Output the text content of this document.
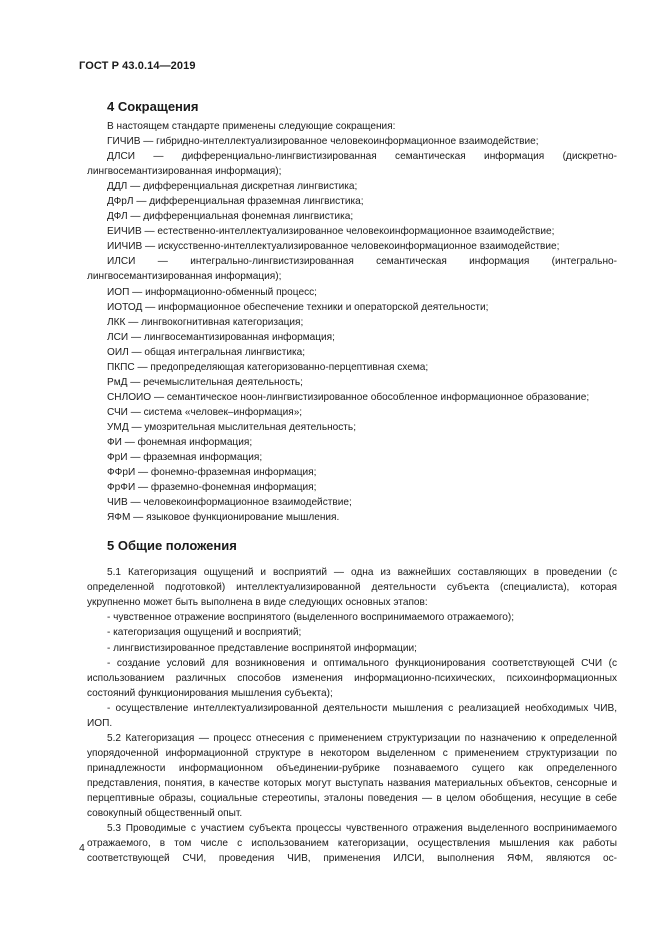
ГОСТ Р 43.0.14—2019
4 Сокращения

В настоящем стандарте применены следующие сокращения:

ГИЧИВ — гибридно-интеллектуализированное человекоинформационное взаимодействие;

ДЛСИ — дифференциально-лингвистизированная семантическая информация (дискретно-лингвосемантизированная информация);

ДДЛ — дифференциальная дискретная лингвистика;

ДФрЛ — дифференциальная фраземная лингвистика;

ДФЛ — дифференциальная фонемная лингвистика;

ЕИЧИВ — естественно-интеллектуализированное человекоинформационное взаимодействие;

ИИЧИВ — искусственно-интеллектуализированное человекоинформационное взаимодействие;

ИЛСИ — интегрально-лингвистизированная семантическая информация (интегрально-лингвосемантизированная информация);

ИОП — информационно-обменный процесс;

ИОТОД — информационное обеспечение техники и операторской деятельности;

ЛКК — лингвокогнитивная категоризация;

ЛСИ — лингвосемантизированная информация;

ОИЛ — общая интегральная лингвистика;

ПКПС — предопределяющая категоризованно-перцептивная схема;

РмД — речемыслительная деятельность;

СНЛОИО — семантическое ноон-лингвистизированное обособленное информационное образование;

СЧИ — система «человек–информация»;

УМД — умозрительная мыслительная деятельность;

ФИ — фонемная информация;

ФрИ — фраземная информация;

ФФрИ — фонемно-фраземная информация;

ФрФИ — фраземно-фонемная информация;

ЧИВ — человекоинформационное взаимодействие;

ЯФМ — языковое функционирование мышления.

5 Общие положения

5.1 Категоризация ощущений и восприятий — одна из важнейших составляющих в проведении (с определенной подготовкой) интеллектуализированной деятельности субъекта (специалиста), которая укрупненно может быть выполнена в виде следующих основных этапов:

- чувственное отражение воспринятого (выделенного воспринимаемого отражаемого);

- категоризация ощущений и восприятий;

- лингвистизированное представление воспринятой информации;

- создание условий для возникновения и оптимального функционирования соответствующей СЧИ (с использованием различных способов изменения информационно-психических, психоинформационных состояний функционирования мышления субъекта);

- осуществление интеллектуализированной деятельности мышления с реализацией необходимых ЧИВ, ИОП.

5.2 Категоризация — процесс отнесения с применением структуризации по назначению к определенной упорядоченной информационной структуре в некотором выделенном с применением структуризации по принадлежности информационном объединении-рубрике познаваемого сущего как определенного представления, понятия, в качестве которых могут выступать названия материальных объектов, сенсорные и перцептивные образы, социальные стереотипы, эталоны поведения — в целом обобщения, несущие в себе совокупный общественный опыт.

5.3 Проводимые с участием субъекта процессы чувственного отражения выделенного воспринимаемого отражаемого, в том числе с использованием категоризации, осуществления мышления как работы соответствующей СЧИ, проведения ЧИВ, применения ИЛСИ, выполнения ЯФМ, являются ос-

4
